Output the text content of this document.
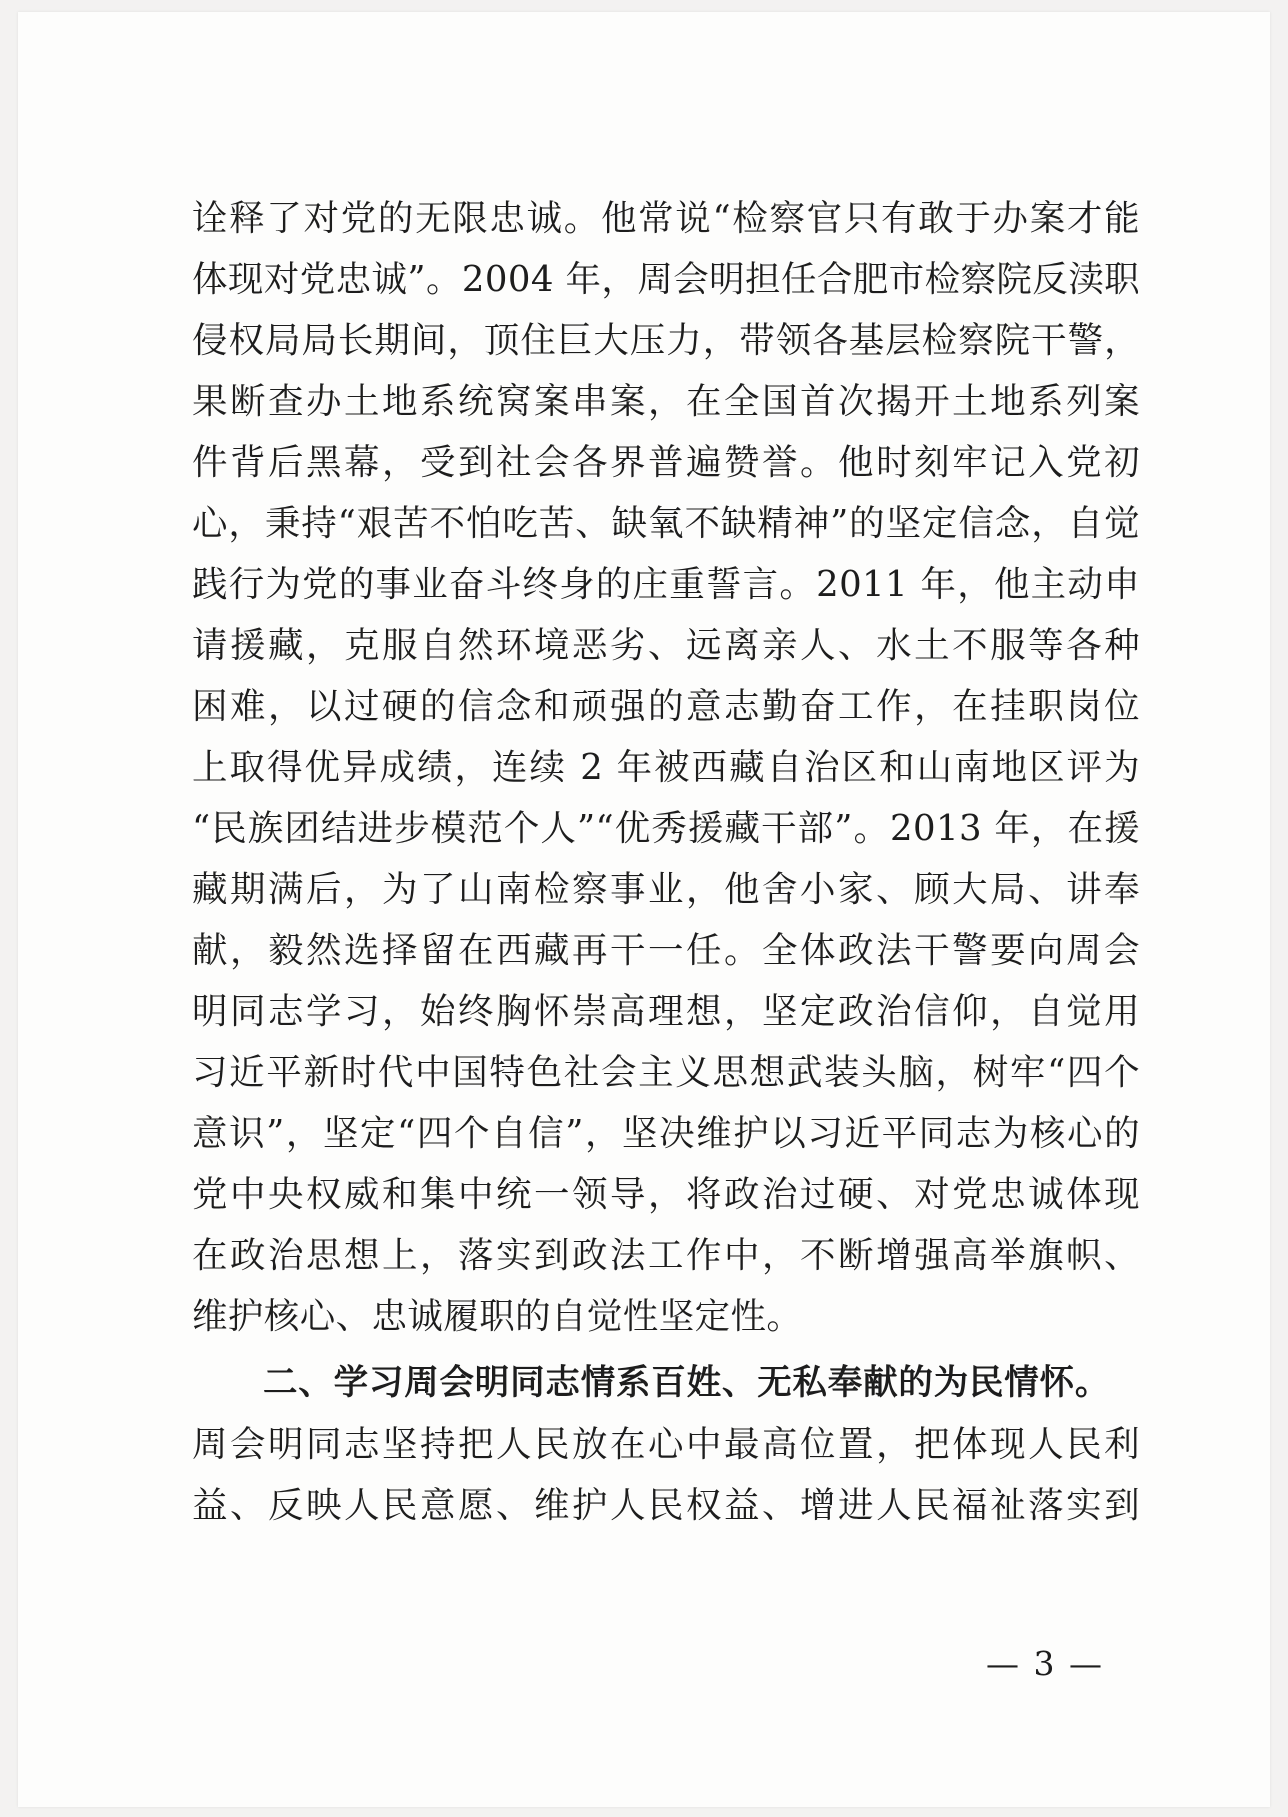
诠释了对党的无限忠诚。他常说“检察官只有敢于办案才能
体现对党忠诚”。2004 年，周会明担任合肥市检察院反渎职
侵权局局长期间，顶住巨大压力，带领各基层检察院干警，
果断查办土地系统窝案串案，在全国首次揭开土地系列案
件背后黑幕，受到社会各界普遍赞誉。他时刻牢记入党初
心，秉持“艰苦不怕吃苦、缺氧不缺精神”的坚定信念，自觉
践行为党的事业奋斗终身的庄重誓言。2011 年，他主动申
请援藏，克服自然环境恶劣、远离亲人、水土不服等各种
困难，以过硬的信念和顽强的意志勤奋工作，在挂职岗位
上取得优异成绩，连续 2 年被西藏自治区和山南地区评为
“民族团结进步模范个人”“优秀援藏干部”。2013 年，在援
藏期满后，为了山南检察事业，他舍小家、顾大局、讲奉
献，毅然选择留在西藏再干一任。全体政法干警要向周会
明同志学习，始终胸怀崇高理想，坚定政治信仰，自觉用
习近平新时代中国特色社会主义思想武装头脑，树牢“四个
意识”，坚定“四个自信”，坚决维护以习近平同志为核心的
党中央权威和集中统一领导，将政治过硬、对党忠诚体现
在政治思想上，落实到政法工作中，不断增强高举旗帜、
维护核心、忠诚履职的自觉性坚定性。
二、学习周会明同志情系百姓、无私奉献的为民情怀。
周会明同志坚持把人民放在心中最高位置，把体现人民利
益、反映人民意愿、维护人民权益、增进人民福祉落实到
— 3 —
